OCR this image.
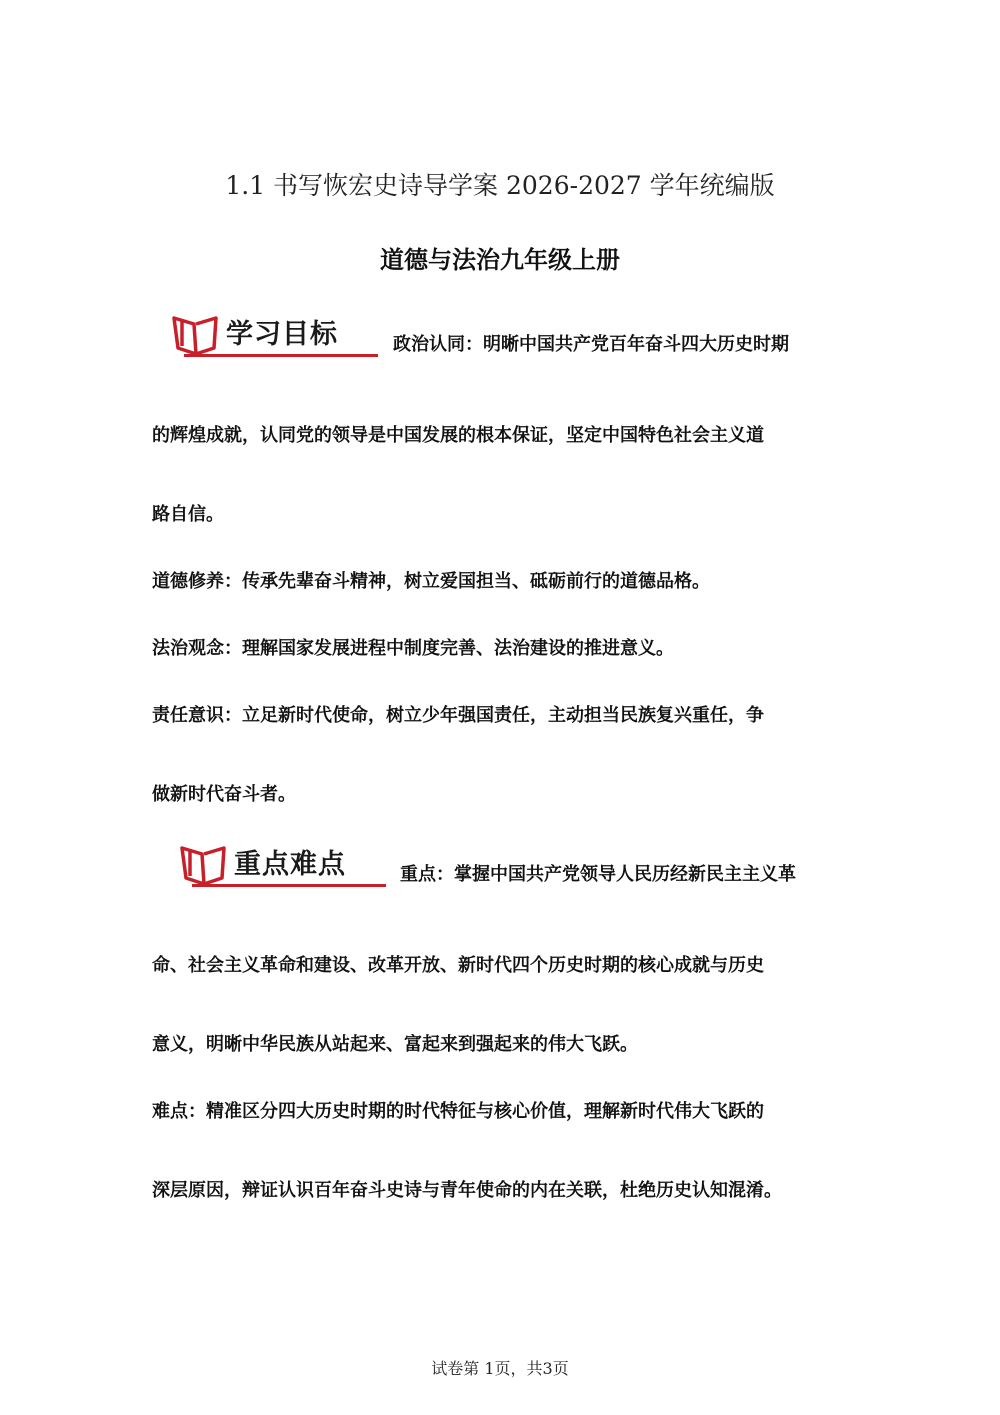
1.1 书写恢宏史诗导学案 2026-2027 学年统编版
道德与法治九年级上册
学习目标	政治认同：明晰中国共产党百年奋斗四大历史时期
的辉煌成就，认同党的领导是中国发展的根本保证，坚定中国特色社会主义道
路自信。
道德修养：传承先辈奋斗精神，树立爱国担当、砥砺前行的道德品格。
法治观念：理解国家发展进程中制度完善、法治建设的推进意义。
责任意识：立足新时代使命，树立少年强国责任，主动担当民族复兴重任，争
做新时代奋斗者。
重点难点	重点：掌握中国共产党领导人民历经新民主主义革
命、社会主义革命和建设、改革开放、新时代四个历史时期的核心成就与历史
意义，明晰中华民族从站起来、富起来到强起来的伟大飞跃。
难点：精准区分四大历史时期的时代特征与核心价值，理解新时代伟大飞跃的
深层原因，辩证认识百年奋斗史诗与青年使命的内在关联，杜绝历史认知混淆。
试卷第 1页，共3页
